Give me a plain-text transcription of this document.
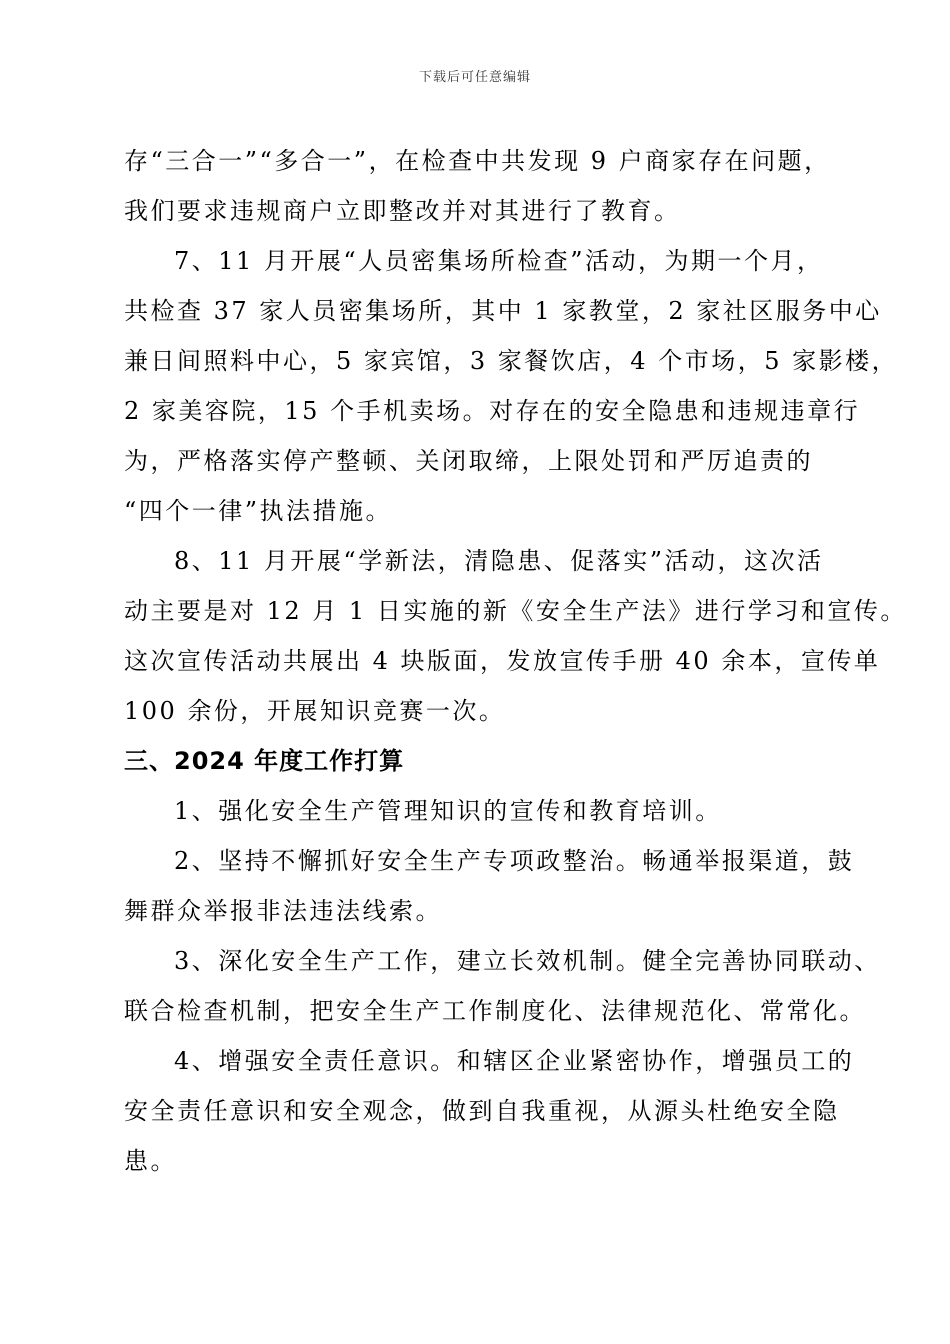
下载后可任意编辑
存“三合一”“多合一”，在检查中共发现 9 户商家存在问题，
我们要求违规商户立即整改并对其进行了教育。
7、11 月开展“人员密集场所检查”活动，为期一个月，
共检查 37 家人员密集场所，其中 1 家教堂，2 家社区服务中心
兼日间照料中心，5 家宾馆，3 家餐饮店，4 个市场，5 家影楼，
2 家美容院，15 个手机卖场。对存在的安全隐患和违规违章行
为，严格落实停产整顿、关闭取缔，上限处罚和严厉追责的
“四个一律”执法措施。
8、11 月开展“学新法，清隐患、促落实”活动，这次活
动主要是对 12 月 1 日实施的新《安全生产法》进行学习和宣传。
这次宣传活动共展出 4 块版面，发放宣传手册 40 余本，宣传单
100 余份，开展知识竞赛一次。
三、2024 年度工作打算
1、强化安全生产管理知识的宣传和教育培训。
2、坚持不懈抓好安全生产专项政整治。畅通举报渠道，鼓
舞群众举报非法违法线索。
3、深化安全生产工作，建立长效机制。健全完善协同联动、
联合检查机制，把安全生产工作制度化、法律规范化、常常化。
4、增强安全责任意识。和辖区企业紧密协作，增强员工的
安全责任意识和安全观念，做到自我重视，从源头杜绝安全隐
患。
